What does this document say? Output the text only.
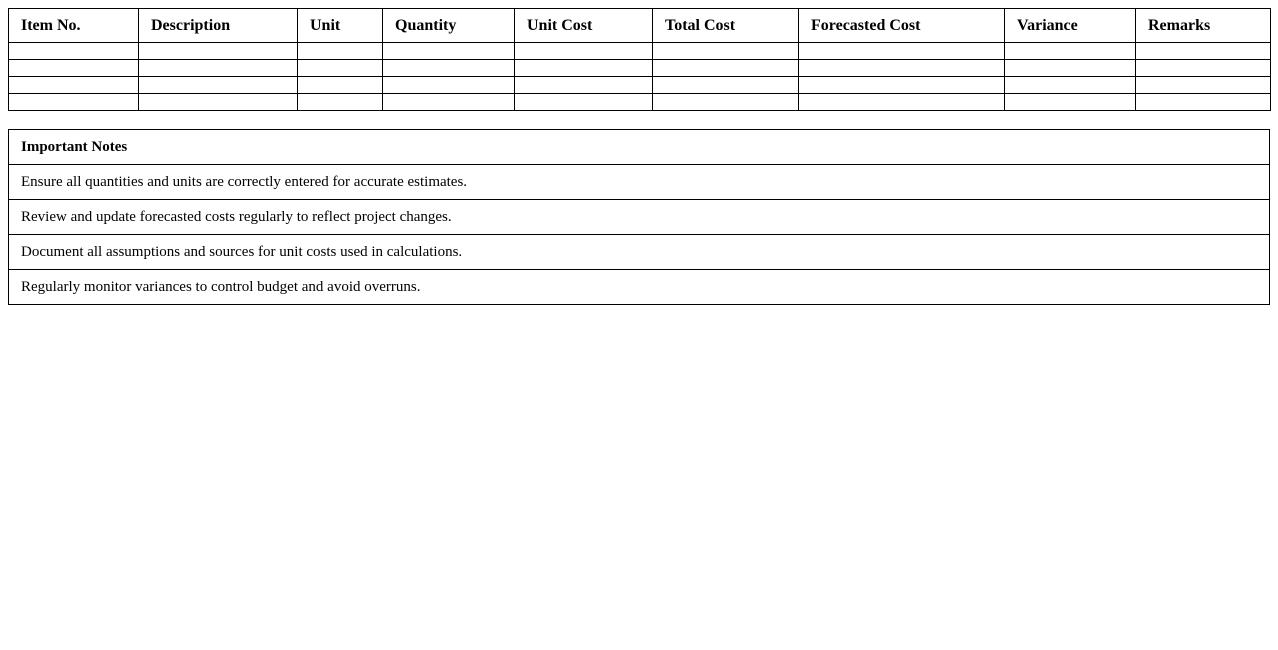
Item No.	Description	Unit	Quantity	Unit Cost	Total Cost	Forecasted Cost	Variance	Remarks

Important Notes
Ensure all quantities and units are correctly entered for accurate estimates.
Review and update forecasted costs regularly to reflect project changes.
Document all assumptions and sources for unit costs used in calculations.
Regularly monitor variances to control budget and avoid overruns.
